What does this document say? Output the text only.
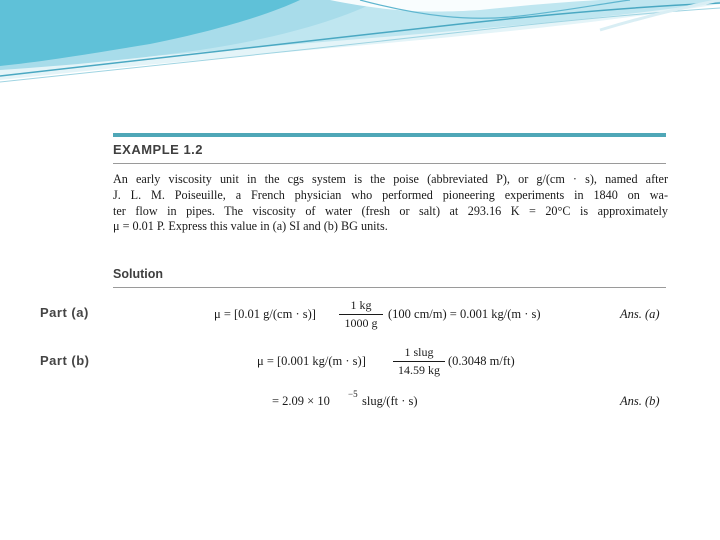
EXAMPLE 1.2
An early viscosity unit in the cgs system is the poise (abbreviated P), or g/(cm · s), named after
J. L. M. Poiseuille, a French physician who performed pioneering experiments in 1840 on wa-
ter flow in pipes. The viscosity of water (fresh or salt) at 293.16 K = 20°C is approximately
μ = 0.01 P. Express this value in (a) SI and (b) BG units.
Solution
Part (a)	μ = [0.01 g/(cm · s)]
1 kg
1000 g
(100 cm/m) = 0.001 kg/(m · s)	Ans. (a)
Part (b)	μ = [0.001 kg/(m · s)]
1 slug
14.59 kg
(0.3048 m/ft)
= 2.09 × 10 −5 slug/(ft · s)	Ans. (b)
